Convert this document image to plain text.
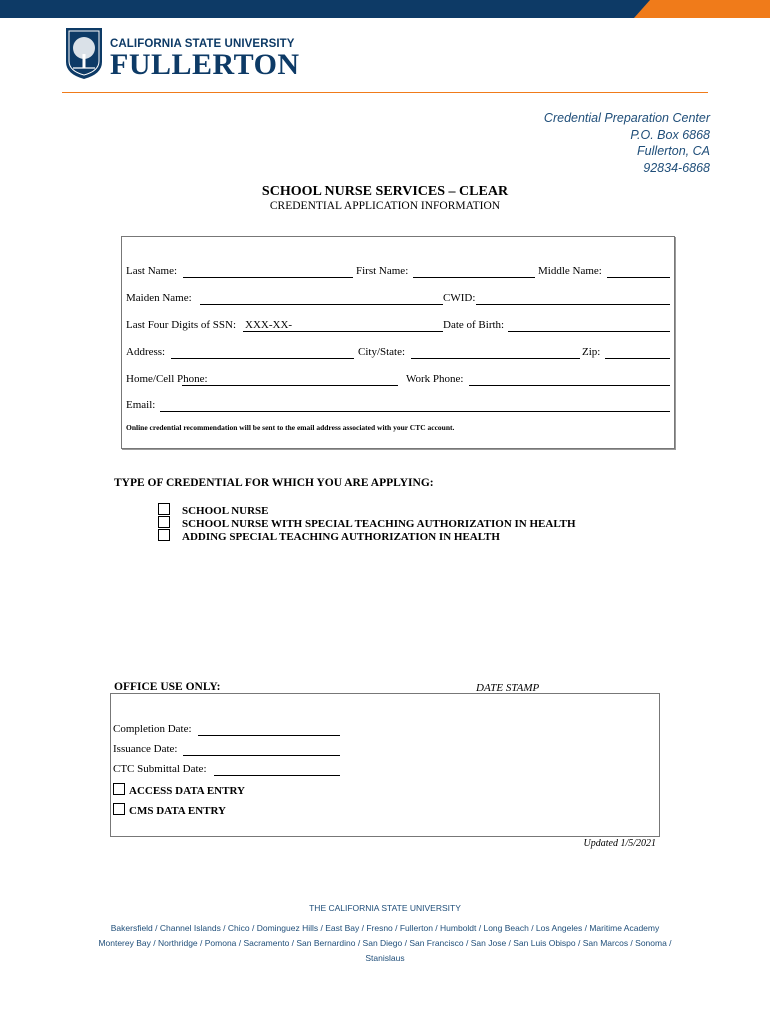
CALIFORNIA STATE UNIVERSITY
FULLERTON
Credential Preparation Center
P.O. Box 6868
Fullerton, CA
92834-6868
SCHOOL NURSE SERVICES – CLEAR
CREDENTIAL APPLICATION INFORMATION
Last Name:	First Name:	Middle Name:
Maiden Name:	CWID:
Last Four Digits of SSN: XXX-XX-	Date of Birth:
Address:	City/State:	Zip:
Home/Cell Phone:	Work Phone:
Email:
Online credential recommendation will be sent to the email address associated with your CTC account.
TYPE OF CREDENTIAL FOR WHICH YOU ARE APPLYING:
SCHOOL NURSE
SCHOOL NURSE WITH SPECIAL TEACHING AUTHORIZATION IN HEALTH
ADDING SPECIAL TEACHING AUTHORIZATION IN HEALTH
OFFICE USE ONLY:	DATE STAMP
Completion Date:
Issuance Date:
CTC Submittal Date:
ACCESS DATA ENTRY
CMS DATA ENTRY
Updated 1/5/2021
THE CALIFORNIA STATE UNIVERSITY
Bakersfield / Channel Islands / Chico / Dominguez Hills / East Bay / Fresno / Fullerton / Humboldt / Long Beach / Los Angeles / Maritime Academy
Monterey Bay / Northridge / Pomona / Sacramento / San Bernardino / San Diego / San Francisco / San Jose / San Luis Obispo / San Marcos / Sonoma /
Stanislaus
